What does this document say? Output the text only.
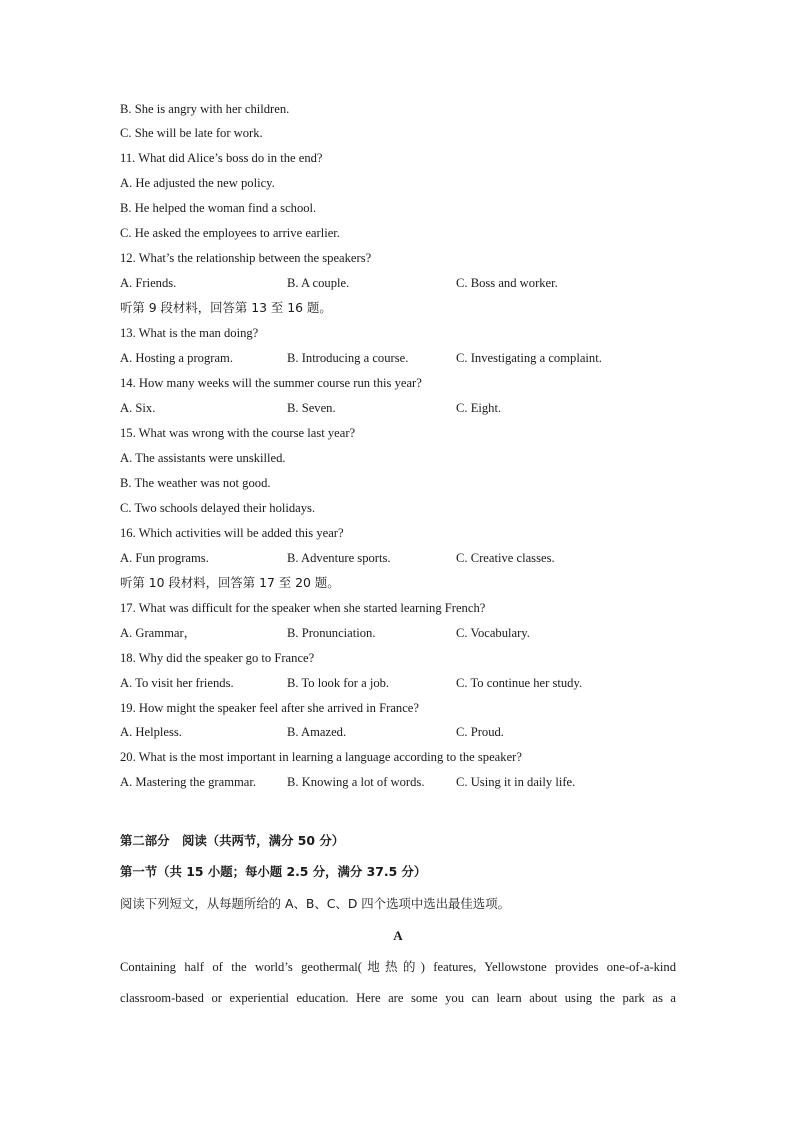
B. She is angry with her children.
C. She will be late for work.
11. What did Alice’s boss do in the end?
A. He adjusted the new policy.
B. He helped the woman find a school.
C. He asked the employees to arrive earlier.
12. What’s the relationship between the speakers?
A. Friends.	B. A couple.	C. Boss and worker.
听第 9 段材料，回答第 13 至 16 题。
13. What is the man doing?
A. Hosting a program.	B. Introducing a course.	C. Investigating a complaint.
14. How many weeks will the summer course run this year?
A. Six.	B. Seven.	C. Eight.
15. What was wrong with the course last year?
A. The assistants were unskilled.
B. The weather was not good.
C. Two schools delayed their holidays.
16. Which activities will be added this year?
A. Fun programs.	B. Adventure sports.	C. Creative classes.
听第 10 段材料，回答第 17 至 20 题。
17. What was difficult for the speaker when she started learning French?
A. Grammar，	B. Pronunciation.	C. Vocabulary.
18. Why did the speaker go to France?
A. To visit her friends.	B. To look for a job.	C. To continue her study.
19. How might the speaker feel after she arrived in France?
A. Helpless.	B. Amazed.	C. Proud.
20. What is the most important in learning a language according to the speaker?
A. Mastering the grammar. B. Knowing a lot of words.	C. Using it in daily life.
第二部分　阅读（共两节，满分 50 分）
第一节（共 15 小题；每小题 2.5 分，满分 37.5 分）
阅读下列短文，从每题所给的 A、B、C、D 四个选项中选出最佳选项。
A
Containing half of the world’s geothermal(地热的) features, Yellowstone provides one-of-a-kind
classroom-based or experiential education. Here are some you can learn about using the park as a
